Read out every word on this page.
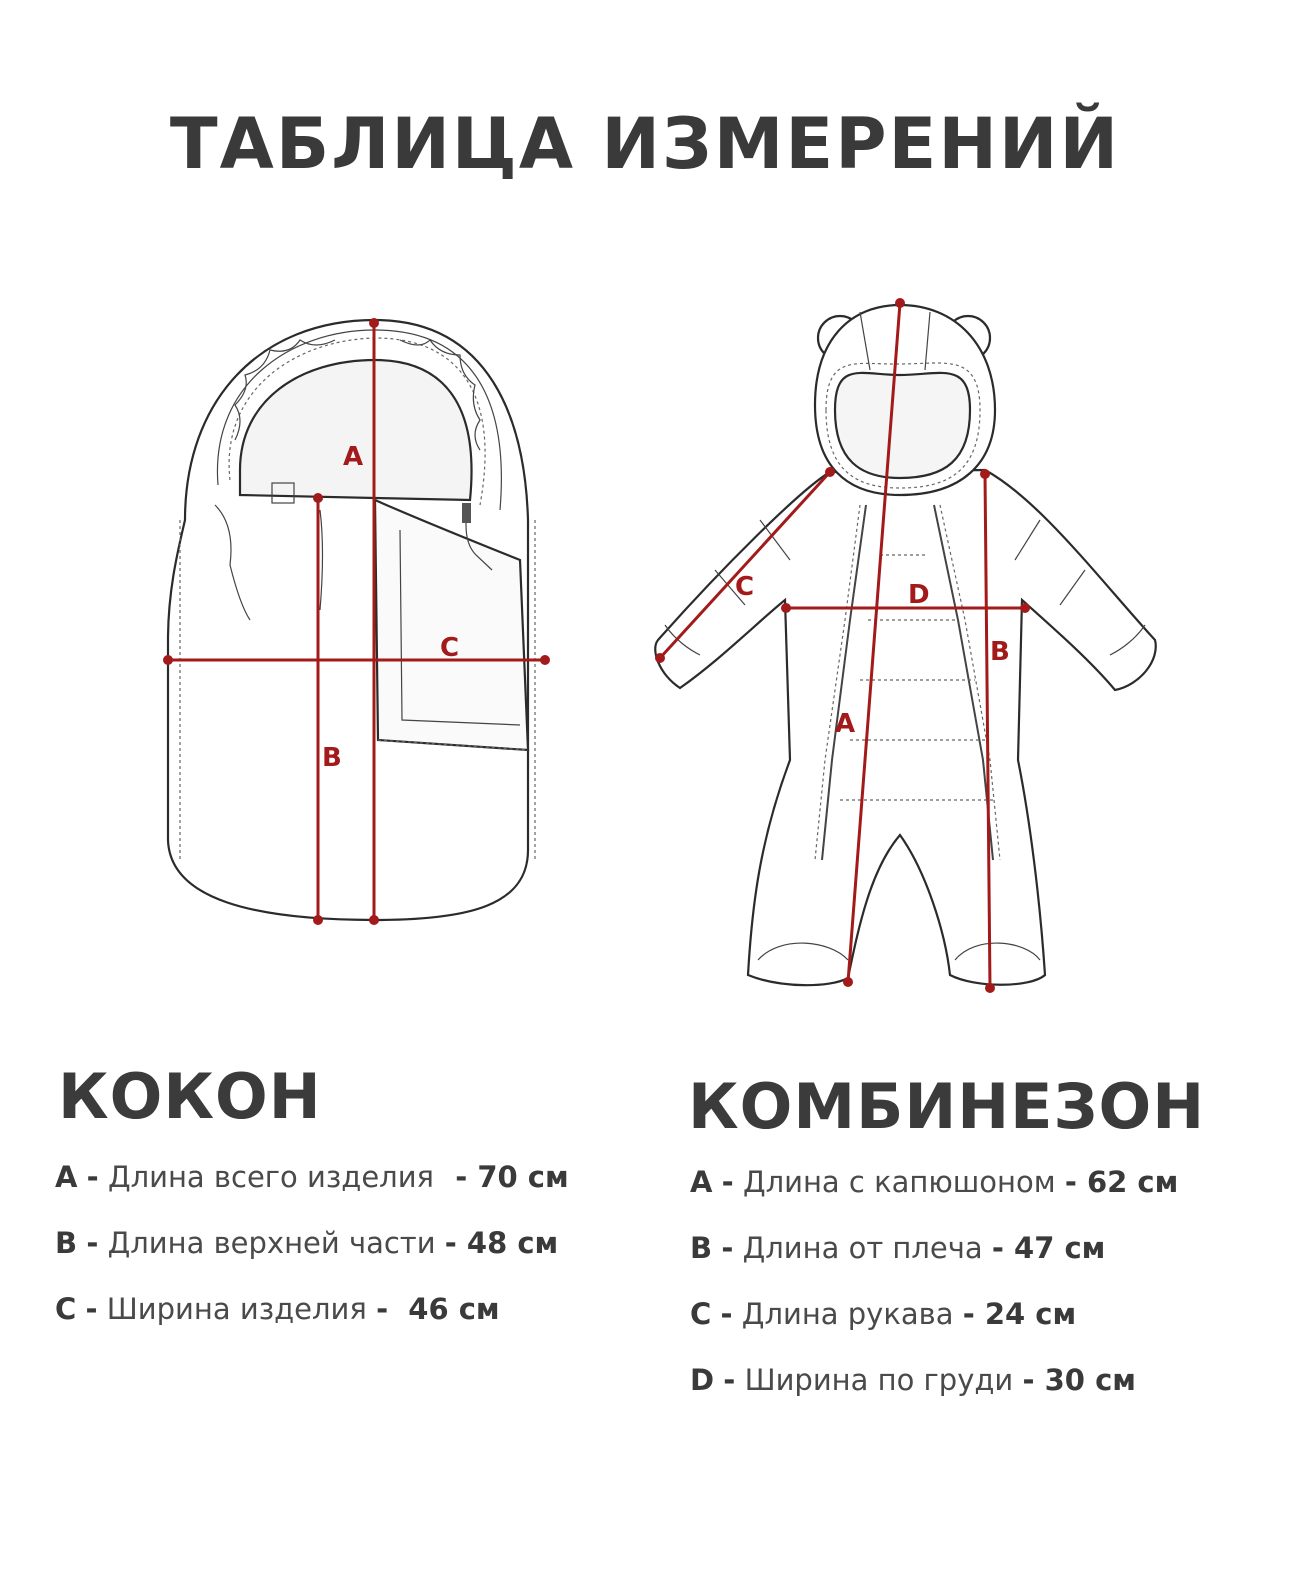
ТАБЛИЦА ИЗМЕРЕНИЙ
A
B
C
A
B
C	D
КОКОН
A - Длина всего изделия - 70 см
B - Длина верхней части - 48 см
C - Ширина изделия -  46 см
КОМБИНЕЗОН
A - Длина с капюшоном - 62 см
B - Длина от плеча - 47 см
C - Длина рукава - 24 см
D - Ширина по груди - 30 см
